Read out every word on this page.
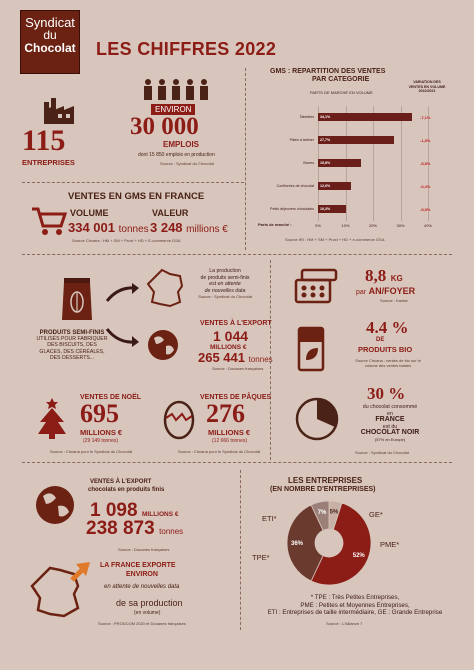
Syndicat
du
Chocolat LES CHIFFRES 2022
115
ENTREPRISES
ENVIRON
30 000
EMPLOIS
dont 15 850 emplois en production
Source : Syndicat du Chocolat
GMS : REPARTITION DES VENTES
PAR CATEGORIE
PARTS DE MARCHÉ EN VOLUME
VARIATION DES VENTES EN VOLUME 2022/2021
0%	10%	20%	30%	40%
Tablettes 34,1%	-7,1%
Pâtes à tartiner 27,7%	-1,8%
Barres 15,8%	-5,8%
Confiseries de chocolat 12,0%	-0,4%
Petits déjeuners chocolatés 10,3%	-5,8%
Parts de marché :
Source IRI : HM + SM + Proxi + HD + e-commerce GSA
VENTES EN GMS EN FRANCE
VOLUME	VALEUR
334 001 tonnes 3 248 millions €
Source Circana : HM + SM + Proxi + HD + E-commerce GSA
La production
de produits semi-finis
est en attente
de nouvelles data
Source : Syndicat du Chocolat
PRODUITS SEMI-FINIS
UTILISÉS POUR FABRIQUER
DES BISCUITS, DES
GLACES, DES CÉRÉALES,
DES DESSERTS...
VENTES À L'EXPORT
1 044
MILLIONS €
265 441 tonnes
Source : Douanes françaises
8,8 KG
par AN/FOYER
Source : Kantar
4.4 %
DE
PRODUITS BIO
Source Circana : ventes de bio sur le volume des ventes totales
30 %
du chocolat consommé
en
FRANCE
est du
CHOCOLAT NOIR
(57% en Europe)
Source : Syndicat du Chocolat
VENTES DE NOËL
695
MILLIONS €
(29 149 tonnes)
Source : Circana pour le Syndicat du Chocolat
VENTES DE PÂQUES
276
MILLIONS €
(12 666 tonnes)
Source : Circana pour le Syndicat du Chocolat
VENTES À L'EXPORT
chocolats en produits finis
1 098 MILLIONS €
238 873 tonnes
Source : Douanes françaises
LA FRANCE EXPORTE
ENVIRON
en attente de nouvelles data
de sa production
(en volume)
Source : PRODCOM 2020 et Douanes françaises
LES ENTREPRISES
(EN NOMBRE D'ENTREPRISES)
5%
52%
36%
7%
ETI*	GE*
PME*
TPE*
* TPE : Très Petites Entreprises,
PME : Petites et Moyennes Entreprises,
ETI : Entreprises de taille intermédiaire, GE : Grande Entreprise
Source : L'Alliance 7
